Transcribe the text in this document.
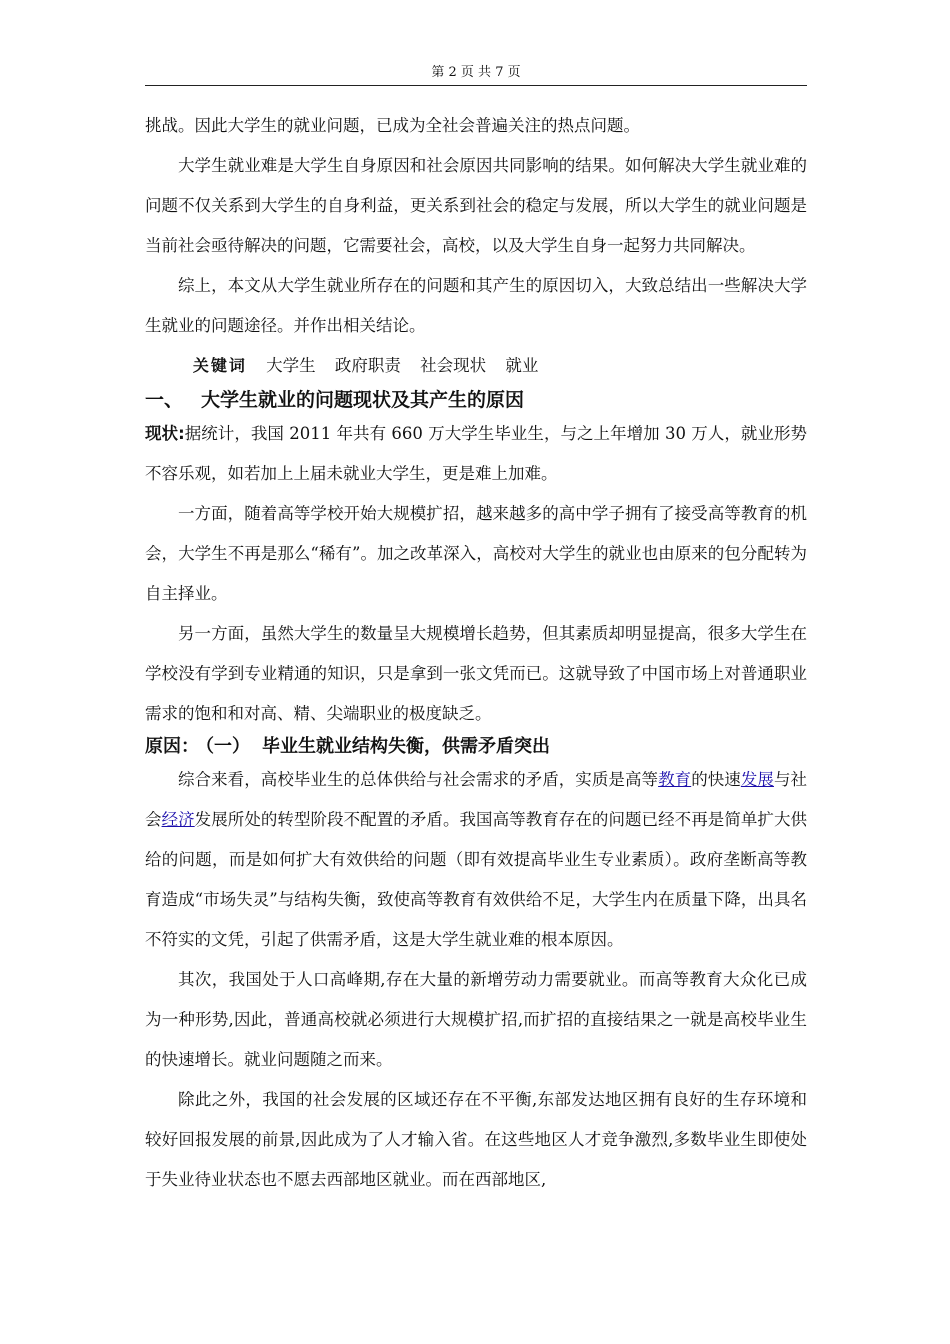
第 2 页 共 7 页

挑战。因此大学生的就业问题，已成为全社会普遍关注的热点问题。

大学生就业难是大学生自身原因和社会原因共同影响的结果。如何解决大学生就业难的问题不仅关系到大学生的自身利益，更关系到社会的稳定与发展，所以大学生的就业问题是当前社会亟待解决的问题，它需要社会，高校，以及大学生自身一起努力共同解决。

综上，本文从大学生就业所存在的问题和其产生的原因切入，大致总结出一些解决大学生就业的问题途径。并作出相关结论。

关键词 大学生 政府职责 社会现状 就业

一、 大学生就业的问题现状及其产生的原因

现状:据统计，我国 2011 年共有 660 万大学生毕业生，与之上年增加 30 万人，就业形势不容乐观，如若加上上届未就业大学生，更是难上加难。

一方面，随着高等学校开始大规模扩招，越来越多的高中学子拥有了接受高等教育的机会，大学生不再是那么“稀有”。加之改革深入，高校对大学生的就业也由原来的包分配转为自主择业。

另一方面，虽然大学生的数量呈大规模增长趋势，但其素质却明显提高，很多大学生在学校没有学到专业精通的知识，只是拿到一张文凭而已。这就导致了中国市场上对普通职业需求的饱和和对高、精、尖端职业的极度缺乏。

原因： （一） 毕业生就业结构失衡，供需矛盾突出

综合来看，高校毕业生的总体供给与社会需求的矛盾，实质是高等教育的快速发展与社会经济发展所处的转型阶段不配置的矛盾。我国高等教育存在的问题已经不再是简单扩大供给的问题，而是如何扩大有效供给的问题（即有效提高毕业生专业素质）。政府垄断高等教育造成“市场失灵”与结构失衡，致使高等教育有效供给不足，大学生内在质量下降，出具名不符实的文凭，引起了供需矛盾，这是大学生就业难的根本原因。

其次，我国处于人口高峰期,存在大量的新增劳动力需要就业。而高等教育大众化已成为一种形势,因此，普通高校就必须进行大规模扩招,而扩招的直接结果之一就是高校毕业生的快速增长。就业问题随之而来。

除此之外，我国的社会发展的区域还存在不平衡,东部发达地区拥有良好的生存环境和较好回报发展的前景,因此成为了人才输入省。在这些地区人才竞争激烈,多数毕业生即使处于失业待业状态也不愿去西部地区就业。而在西部地区,
